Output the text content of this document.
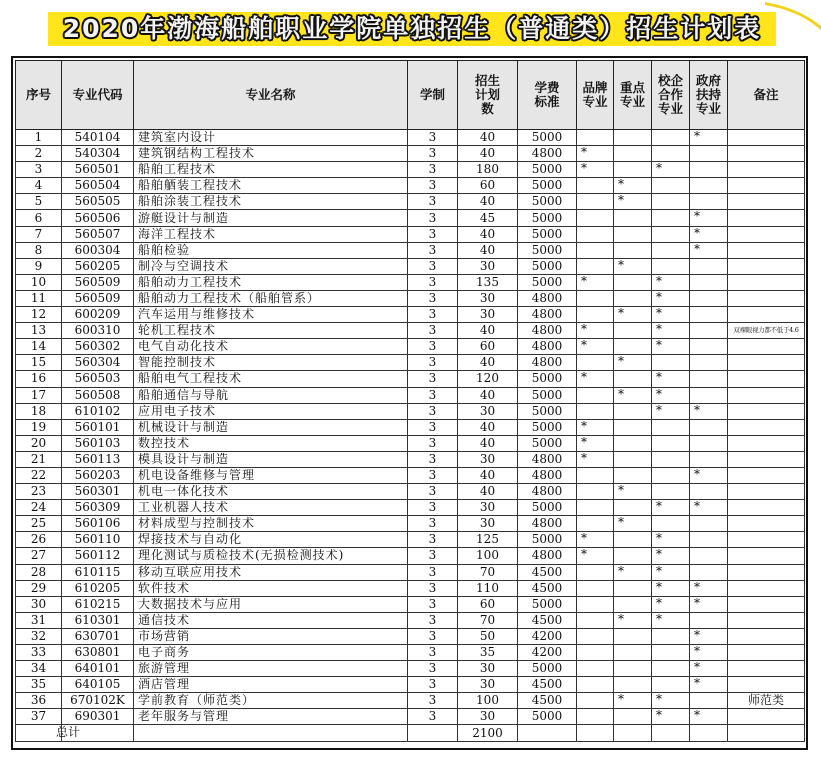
2020年渤海船舶职业学院单独招生（普通类）招生计划表
序号	专业代码	专业名称	学制	招生计划数	学费标准	品牌专业	重点专业	校企合作专业	政府扶持专业	备注
1	540104	建筑室内设计	3	40	5000				*	
2	540304	建筑钢结构工程技术	3	40	4800	*				
3	560501	船舶工程技术	3	180	5000	*		*		
4	560504	船舶舾装工程技术	3	60	5000		*			
5	560505	船舶涂装工程技术	3	40	5000		*			
6	560506	游艇设计与制造	3	45	5000				*	
7	560507	海洋工程技术	3	40	5000				*	
8	600304	船舶检验	3	40	5000				*	
9	560205	制冷与空调技术	3	30	5000		*			
10	560509	船舶动力工程技术	3	135	5000	*		*		
11	560509	船舶动力工程技术（船舶管系）	3	30	4800			*		
12	600209	汽车运用与维修技术	3	30	4800		*	*		
13	600310	轮机工程技术	3	40	4800	*		*		双裸眼视力都不低于4.6
14	560302	电气自动化技术	3	60	4800	*		*		
15	560304	智能控制技术	3	40	4800		*			
16	560503	船舶电气工程技术	3	120	5000	*		*		
17	560508	船舶通信与导航	3	40	5000		*	*		
18	610102	应用电子技术	3	30	5000			*	*	
19	560101	机械设计与制造	3	40	5000	*				
20	560103	数控技术	3	40	5000	*				
21	560113	模具设计与制造	3	30	4800	*				
22	560203	机电设备维修与管理	3	40	4800				*	
23	560301	机电一体化技术	3	40	4800		*			
24	560309	工业机器人技术	3	30	5000			*	*	
25	560106	材料成型与控制技术	3	30	4800		*			
26	560110	焊接技术与自动化	3	125	5000	*		*		
27	560112	理化测试与质检技术(无损检测技术)	3	100	4800	*		*		
28	610115	移动互联应用技术	3	70	4500		*	*		
29	610205	软件技术	3	110	4500			*	*	
30	610215	大数据技术与应用	3	60	5000			*	*	
31	610301	通信技术	3	70	4500		*	*		
32	630701	市场营销	3	50	4200				*	
33	630801	电子商务	3	35	4200				*	
34	640101	旅游管理	3	30	5000				*	
35	640105	酒店管理	3	30	4500				*	
36	670102K	学前教育（师范类）	3	100	4500		*	*		师范类
37	690301	老年服务与管理	3	30	5000			*	*	

总计				2100						
